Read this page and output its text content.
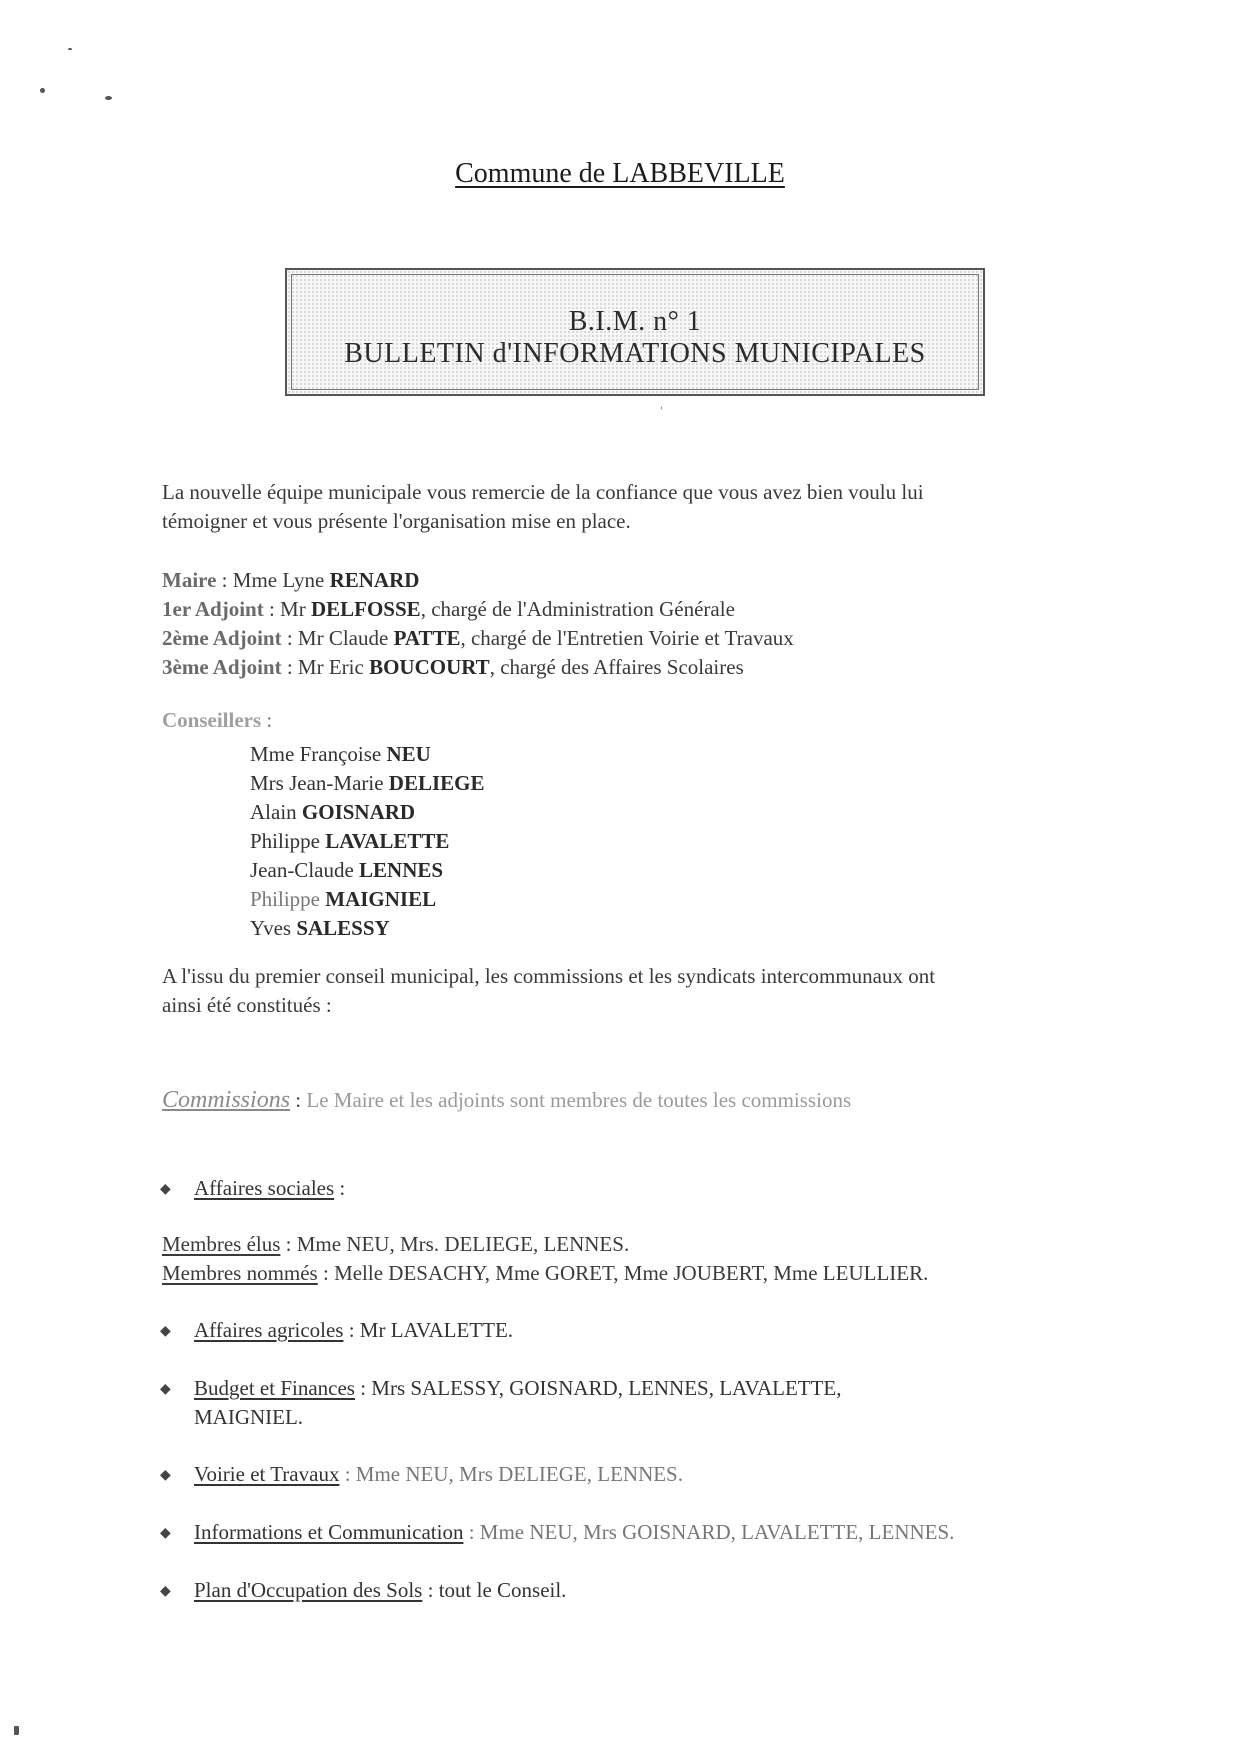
Commune de LABBEVILLE
B.I.M. n° 1
BULLETIN d'INFORMATIONS MUNICIPALES
ʹ
La nouvelle équipe municipale vous remercie de la confiance que vous avez bien voulu lui
témoigner et vous présente l'organisation mise en place.
Maire : Mme Lyne RENARD
1er Adjoint : Mr DELFOSSE, chargé de l'Administration Générale
2ème Adjoint : Mr Claude PATTE, chargé de l'Entretien Voirie et Travaux
3ème Adjoint : Mr Eric BOUCOURT, chargé des Affaires Scolaires
Conseillers :
Mme Françoise NEU
Mrs Jean-Marie DELIEGE
Alain GOISNARD
Philippe LAVALETTE
Jean-Claude LENNES
Philippe MAIGNIEL
Yves SALESSY
A l'issu du premier conseil municipal, les commissions et les syndicats intercommunaux ont
ainsi été constitués :
Commissions : Le Maire et les adjoints sont membres de toutes les commissions
◆ Affaires sociales :
Membres élus : Mme NEU, Mrs. DELIEGE, LENNES.
Membres nommés : Melle DESACHY, Mme GORET, Mme JOUBERT, Mme LEULLIER.
◆ Affaires agricoles : Mr LAVALETTE.
◆ Budget et Finances : Mrs SALESSY, GOISNARD, LENNES, LAVALETTE,
MAIGNIEL.
◆ Voirie et Travaux : Mme NEU, Mrs DELIEGE, LENNES.
◆ Informations et Communication : Mme NEU, Mrs GOISNARD, LAVALETTE, LENNES.
◆ Plan d'Occupation des Sols : tout le Conseil.
